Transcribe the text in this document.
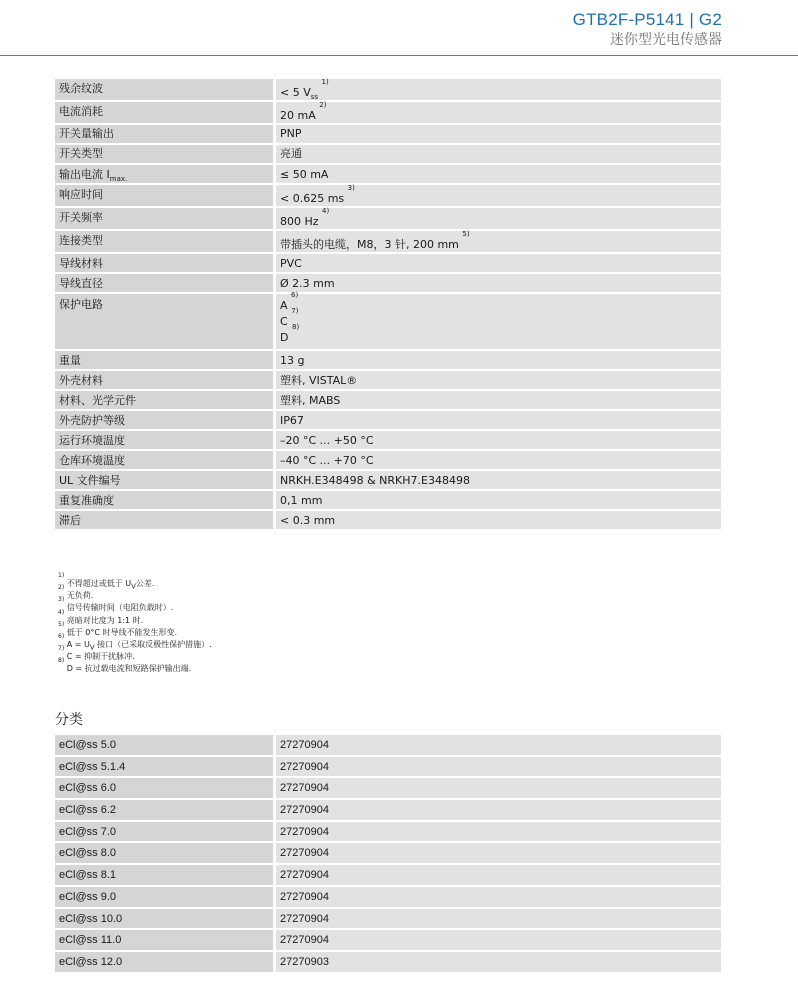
GTB2F-P5141 | G2
迷你型光电传感器
残余纹波	< 5 $V_{ss}$ $^{1)}$

电流消耗	20 mA $^{2)}$

开关量输出	PNP

开关类型	亮通

输出电流 $I_{max.}$	≤ 50 mA

响应时间	< 0.625 ms $^{3)}$

开关频率	800 Hz $^{4)}$

连接类型	带插头的电缆，M8，3 针, 200 mm $^{5)}$

导线材料	PVC

导线直径	Ø 2.3 mm

保护电路	A $^{6)}$
C $^{7)}$
D $^{8)}$

重量	13 g

外壳材料	塑料, VISTAL®

材料、光学元件	塑料, MABS

外壳防护等级	IP67

运行环境温度	–20 °C ... +50 °C

仓库环境温度	–40 °C ... +70 °C

UL 文件编号	NRKH.E348498 & NRKH7.E348498

重复准确度	0,1 mm

滞后	< 0.3 mm
$^{1)}$ 不得超过或低于 $U_V$公差.
$^{2)}$ 无负荷.
$^{3)}$ 信号传输时间（电阻负载时）.
$^{4)}$ 亮暗对比度为 1:1 时.
$^{5)}$ 低于 0°C 时导线不能发生形变.
$^{6)}$ $A = U_V$ 接口（已采取反极性保护措施）.
$^{7)}$ C = 抑制干扰脉冲.
$^{8)}$ D = 抗过载电流和短路保护输出端.
分类
eCl@ss 5.0	27270904
eCl@ss 5.1.4	27270904
eCl@ss 6.0	27270904
eCl@ss 6.2	27270904
eCl@ss 7.0	27270904
eCl@ss 8.0	27270904
eCl@ss 8.1	27270904
eCl@ss 9.0	27270904
eCl@ss 10.0	27270904
eCl@ss 11.0	27270904
eCl@ss 12.0	27270903
